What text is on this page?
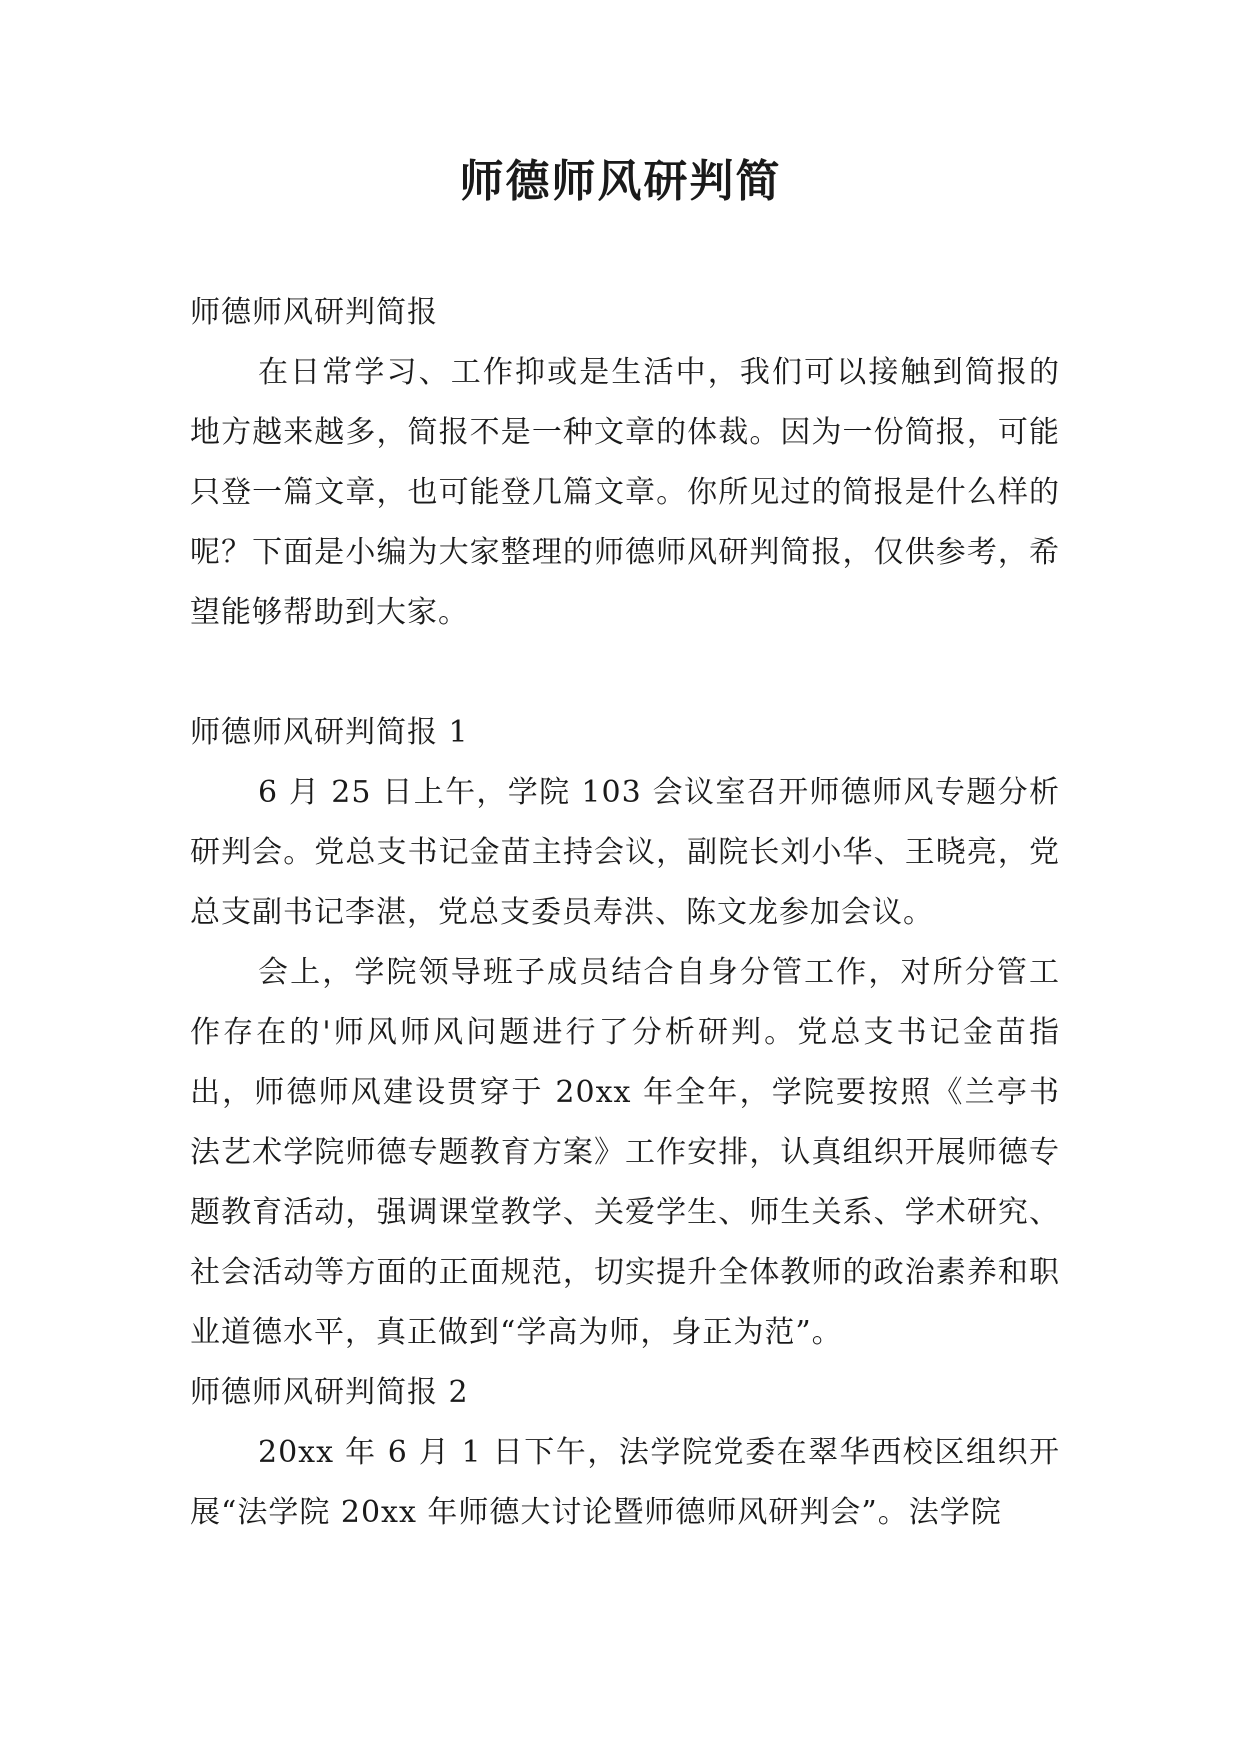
师德师风研判简

师德师风研判简报

在日常学习、工作抑或是生活中，我们可以接触到简报的地方越来越多，简报不是一种文章的体裁。因为一份简报，可能只登一篇文章，也可能登几篇文章。你所见过的简报是什么样的呢？下面是小编为大家整理的师德师风研判简报，仅供参考，希望能够帮助到大家。

师德师风研判简报 1

6 月 25 日上午，学院 103 会议室召开师德师风专题分析研判会。党总支书记金苗主持会议，副院长刘小华、王晓亮，党总支副书记李湛，党总支委员寿洪、陈文龙参加会议。

会上，学院领导班子成员结合自身分管工作，对所分管工作存在的'师风师风问题进行了分析研判。党总支书记金苗指出，师德师风建设贯穿于 20xx 年全年，学院要按照《兰亭书法艺术学院师德专题教育方案》工作安排，认真组织开展师德专题教育活动，强调课堂教学、关爱学生、师生关系、学术研究、社会活动等方面的正面规范，切实提升全体教师的政治素养和职业道德水平，真正做到“学高为师，身正为范”。

师德师风研判简报 2

20xx 年 6 月 1 日下午，法学院党委在翠华西校区组织开展“法学院 20xx 年师德大讨论暨师德师风研判会”。法学院
